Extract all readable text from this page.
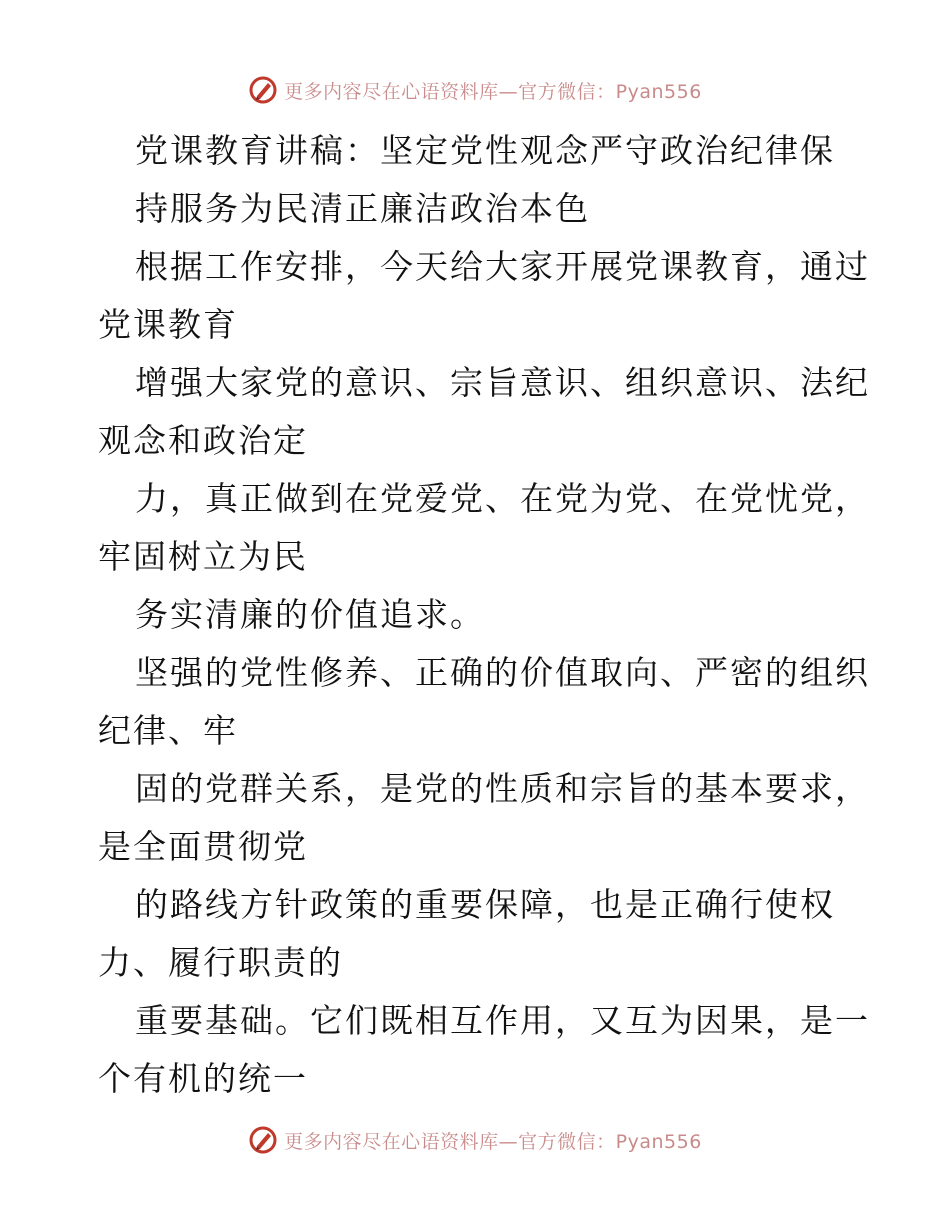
更多内容尽在心语资料库—官方微信：Pyan556
党课教育讲稿：坚定党性观念严守政治纪律保
持服务为民清正廉洁政治本色
根据工作安排，今天给大家开展党课教育，通过
党课教育
增强大家党的意识、宗旨意识、组织意识、法纪
观念和政治定
力，真正做到在党爱党、在党为党、在党忧党，
牢固树立为民
务实清廉的价值追求。
坚强的党性修养、正确的价值取向、严密的组织
纪律、牢
固的党群关系，是党的性质和宗旨的基本要求，
是全面贯彻党
的路线方针政策的重要保障，也是正确行使权
力、履行职责的
重要基础。它们既相互作用，又互为因果，是一
个有机的统一
更多内容尽在心语资料库—官方微信：Pyan556
